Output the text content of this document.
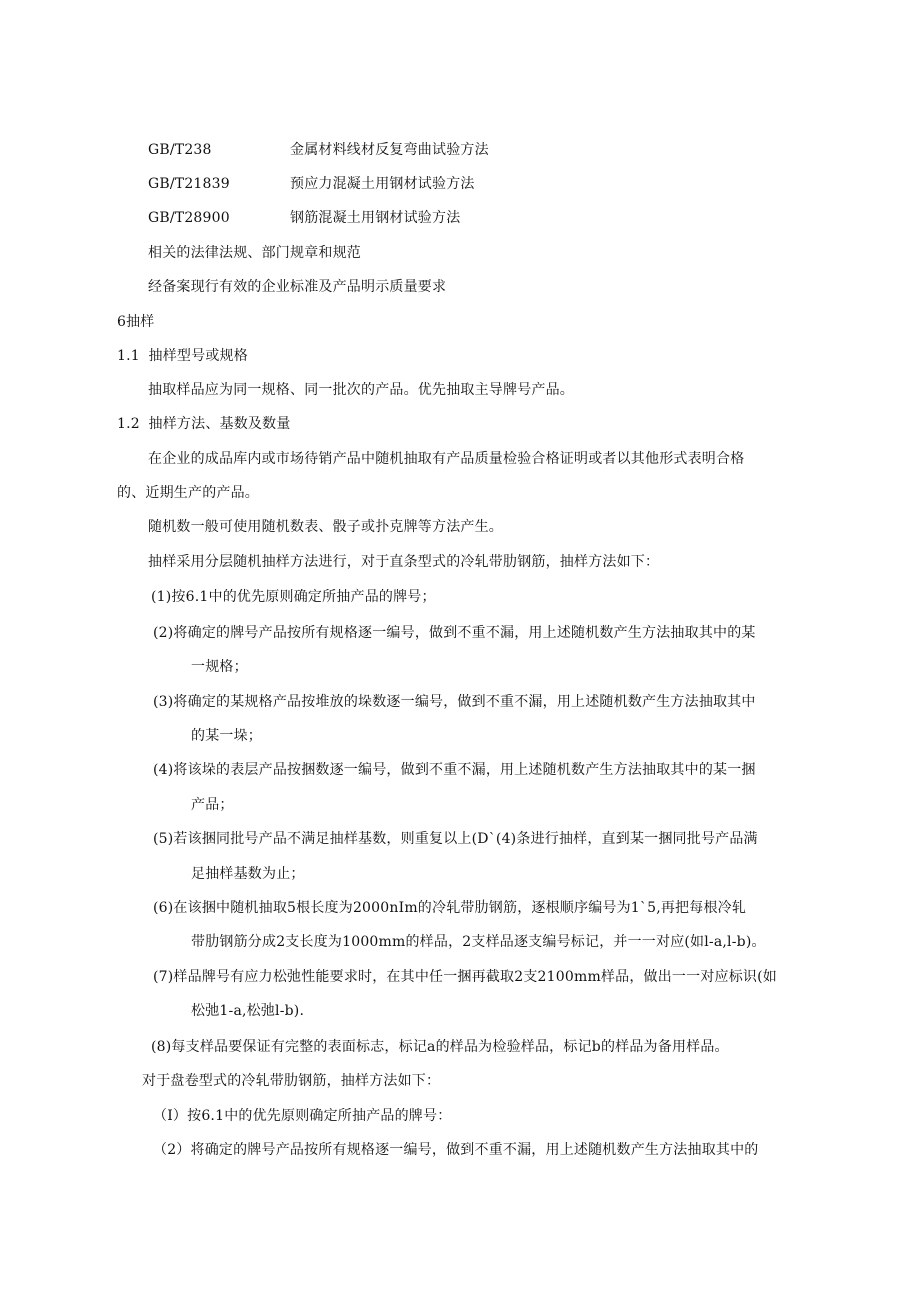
GB/T238	金属材料线材反复弯曲试验方法
GB/T21839	预应力混凝土用钢材试验方法
GB/T28900	钢筋混凝土用钢材试验方法
相关的法律法规、部门规章和规范
经备案现行有效的企业标准及产品明示质量要求
6抽样
1.1 抽样型号或规格
抽取样品应为同一规格、同一批次的产品。优先抽取主导牌号产品。
1.2 抽样方法、基数及数量
在企业的成品库内或市场待销产品中随机抽取有产品质量检验合格证明或者以其他形式表明合格
的、近期生产的产品。
随机数一般可使用随机数表、骰子或扑克牌等方法产生。
抽样采用分层随机抽样方法进行，对于直条型式的冷轧带肋钢筋，抽样方法如下：
(1)按6.1中的优先原则确定所抽产品的牌号；
(2)将确定的牌号产品按所有规格逐一编号，做到不重不漏，用上述随机数产生方法抽取其中的某
一规格；
(3)将确定的某规格产品按堆放的垛数逐一编号，做到不重不漏，用上述随机数产生方法抽取其中
的某一垛；
(4)将该垛的表层产品按捆数逐一编号，做到不重不漏，用上述随机数产生方法抽取其中的某一捆
产品；
(5)若该捆同批号产品不满足抽样基数，则重复以上(D`(4)条进行抽样，直到某一捆同批号产品满
足抽样基数为止；
(6)在该捆中随机抽取5根长度为2000nIm的冷轧带肋钢筋，逐根顺序编号为1`5,再把每根冷轧
带肋钢筋分成2支长度为1000mm的样品，2支样品逐支编号标记，并一一对应(如l-a,l-b)。
(7)样品牌号有应力松弛性能要求时，在其中任一捆再截取2支2100mm样品，做出一一对应标识(如
松弛1-a,松弛l-b).
(8)每支样品要保证有完整的表面标志，标记a的样品为检验样品，标记b的样品为备用样品。
对于盘卷型式的冷轧带肋钢筋，抽样方法如下：
（I）按6.1中的优先原则确定所抽产品的牌号：
（2）将确定的牌号产品按所有规格逐一编号，做到不重不漏，用上述随机数产生方法抽取其中的
